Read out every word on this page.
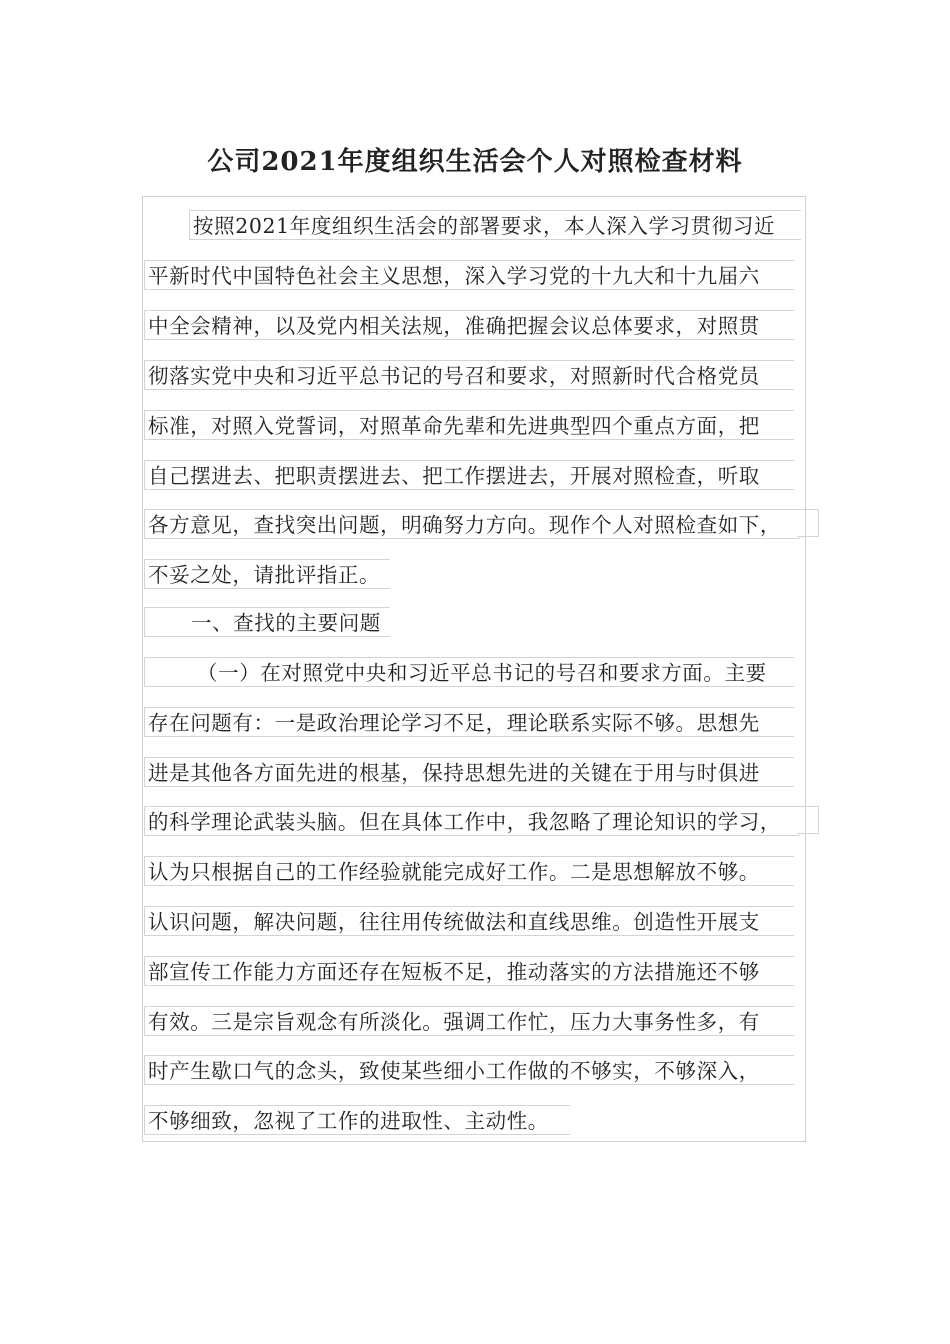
公司2021年度组织生活会个人对照检查材料
按照2021年度组织生活会的部署要求，本人深入学习贯彻习近
平新时代中国特色社会主义思想，深入学习党的十九大和十九届六
中全会精神，以及党内相关法规，准确把握会议总体要求，对照贯
彻落实党中央和习近平总书记的号召和要求，对照新时代合格党员
标准，对照入党誓词，对照革命先辈和先进典型四个重点方面，把
自己摆进去、把职责摆进去、把工作摆进去，开展对照检查，听取
各方意见，查找突出问题，明确努力方向。现作个人对照检查如下，
不妥之处，请批评指正。
一、查找的主要问题
（一）在对照党中央和习近平总书记的号召和要求方面。主要
存在问题有：一是政治理论学习不足，理论联系实际不够。思想先
进是其他各方面先进的根基，保持思想先进的关键在于用与时俱进
的科学理论武装头脑。但在具体工作中，我忽略了理论知识的学习，
认为只根据自己的工作经验就能完成好工作。二是思想解放不够。
认识问题，解决问题，往往用传统做法和直线思维。创造性开展支
部宣传工作能力方面还存在短板不足，推动落实的方法措施还不够
有效。三是宗旨观念有所淡化。强调工作忙，压力大事务性多，有
时产生歇口气的念头，致使某些细小工作做的不够实，不够深入，
不够细致，忽视了工作的进取性、主动性。
